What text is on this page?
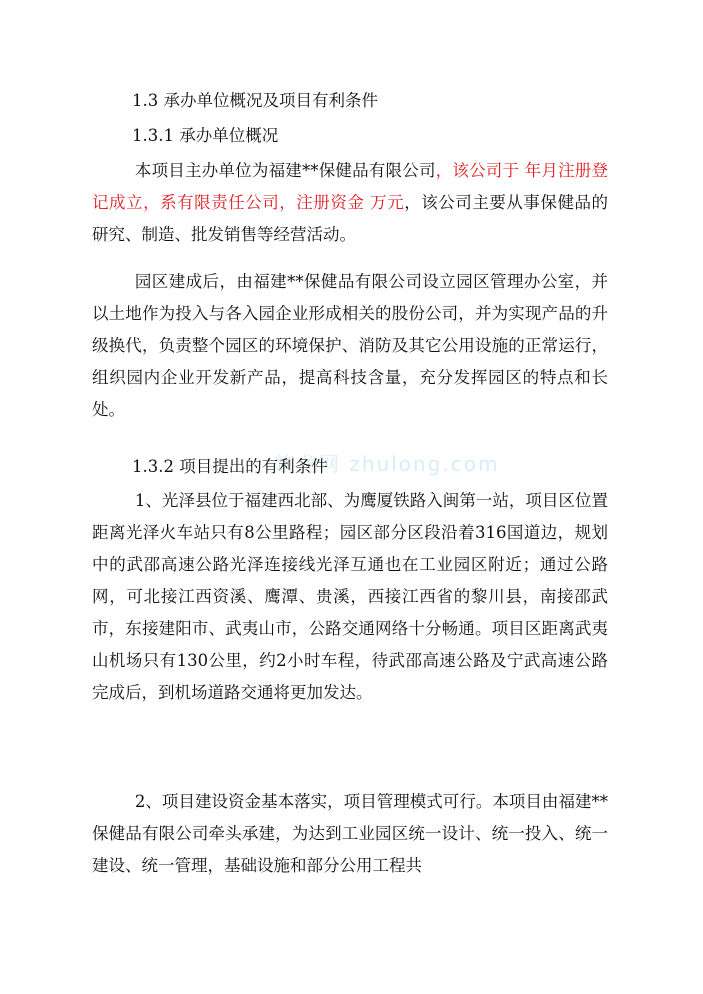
筑龙网 zhulong.com
1.3 承办单位概况及项目有利条件
1.3.1 承办单位概况

本项目主办单位为福建**保健品有限公司，该公司于 年月注册登记成立，系有限责任公司，注册资金 万元，该公司主要从事保健品的研究、制造、批发销售等经营活动。

园区建成后，由福建**保健品有限公司设立园区管理办公室，并以土地作为投入与各入园企业形成相关的股份公司，并为实现产品的升级换代，负责整个园区的环境保护、消防及其它公用设施的正常运行，组织园内企业开发新产品，提高科技含量，充分发挥园区的特点和长处。

1.3.2 项目提出的有利条件

1、光泽县位于福建西北部、为鹰厦铁路入闽第一站，项目区位置距离光泽火车站只有8公里路程；园区部分区段沿着316国道边，规划中的武邵高速公路光泽连接线光泽互通也在工业园区附近；通过公路网，可北接江西资溪、鹰潭、贵溪，西接江西省的黎川县，南接邵武市，东接建阳市、武夷山市，公路交通网络十分畅通。项目区距离武夷山机场只有130公里，约2小时车程，待武邵高速公路及宁武高速公路完成后，到机场道路交通将更加发达。

2、项目建设资金基本落实，项目管理模式可行。本项目由福建**保健品有限公司牵头承建，为达到工业园区统一设计、统一投入、统一建设、统一管理，基础设施和部分公用工程共
